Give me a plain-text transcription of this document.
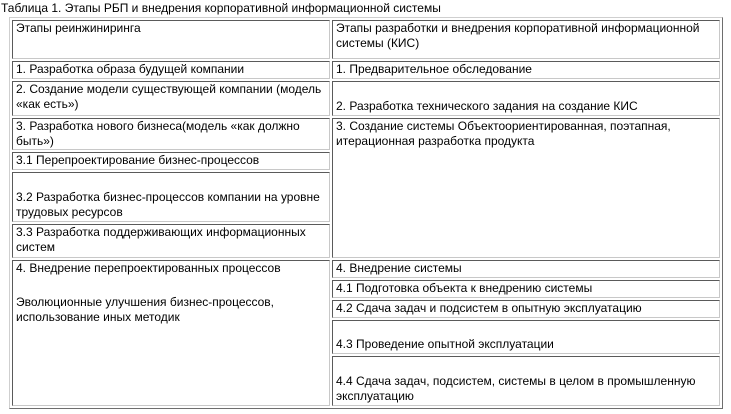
Таблица 1. Этапы РБП и внедрения корпоративной информационной системы
Этапы реинжиниринга	Этапы разработки и внедрения корпоративной информационной системы (КИС)
1. Разработка образа будущей компании
2. Создание модели существующей компании (модель «как есть»)
3. Разработка нового бизнеса(модель «как должно быть»)
3.1 Перепроектирование бизнес-процессов
3.2 Разработка бизнес-процессов компании на уровне трудовых ресурсов
3.3 Разработка поддерживающих информационных систем
4. Внедрение перепроектированных процессов
Эволюционные улучшения бизнес-процессов, использование иных методик
1. Предварительное обследование
2. Разработка технического задания на создание КИС
3. Создание системы Объектоориентированная, поэтапная, итерационная разработка продукта
4. Внедрение системы
4.1 Подготовка объекта к внедрению системы
4.2 Сдача задач и подсистем в опытную эксплуатацию
4.3 Проведение опытной эксплуатации
4.4 Сдача задач, подсистем, системы в целом в промышленную эксплуатацию
